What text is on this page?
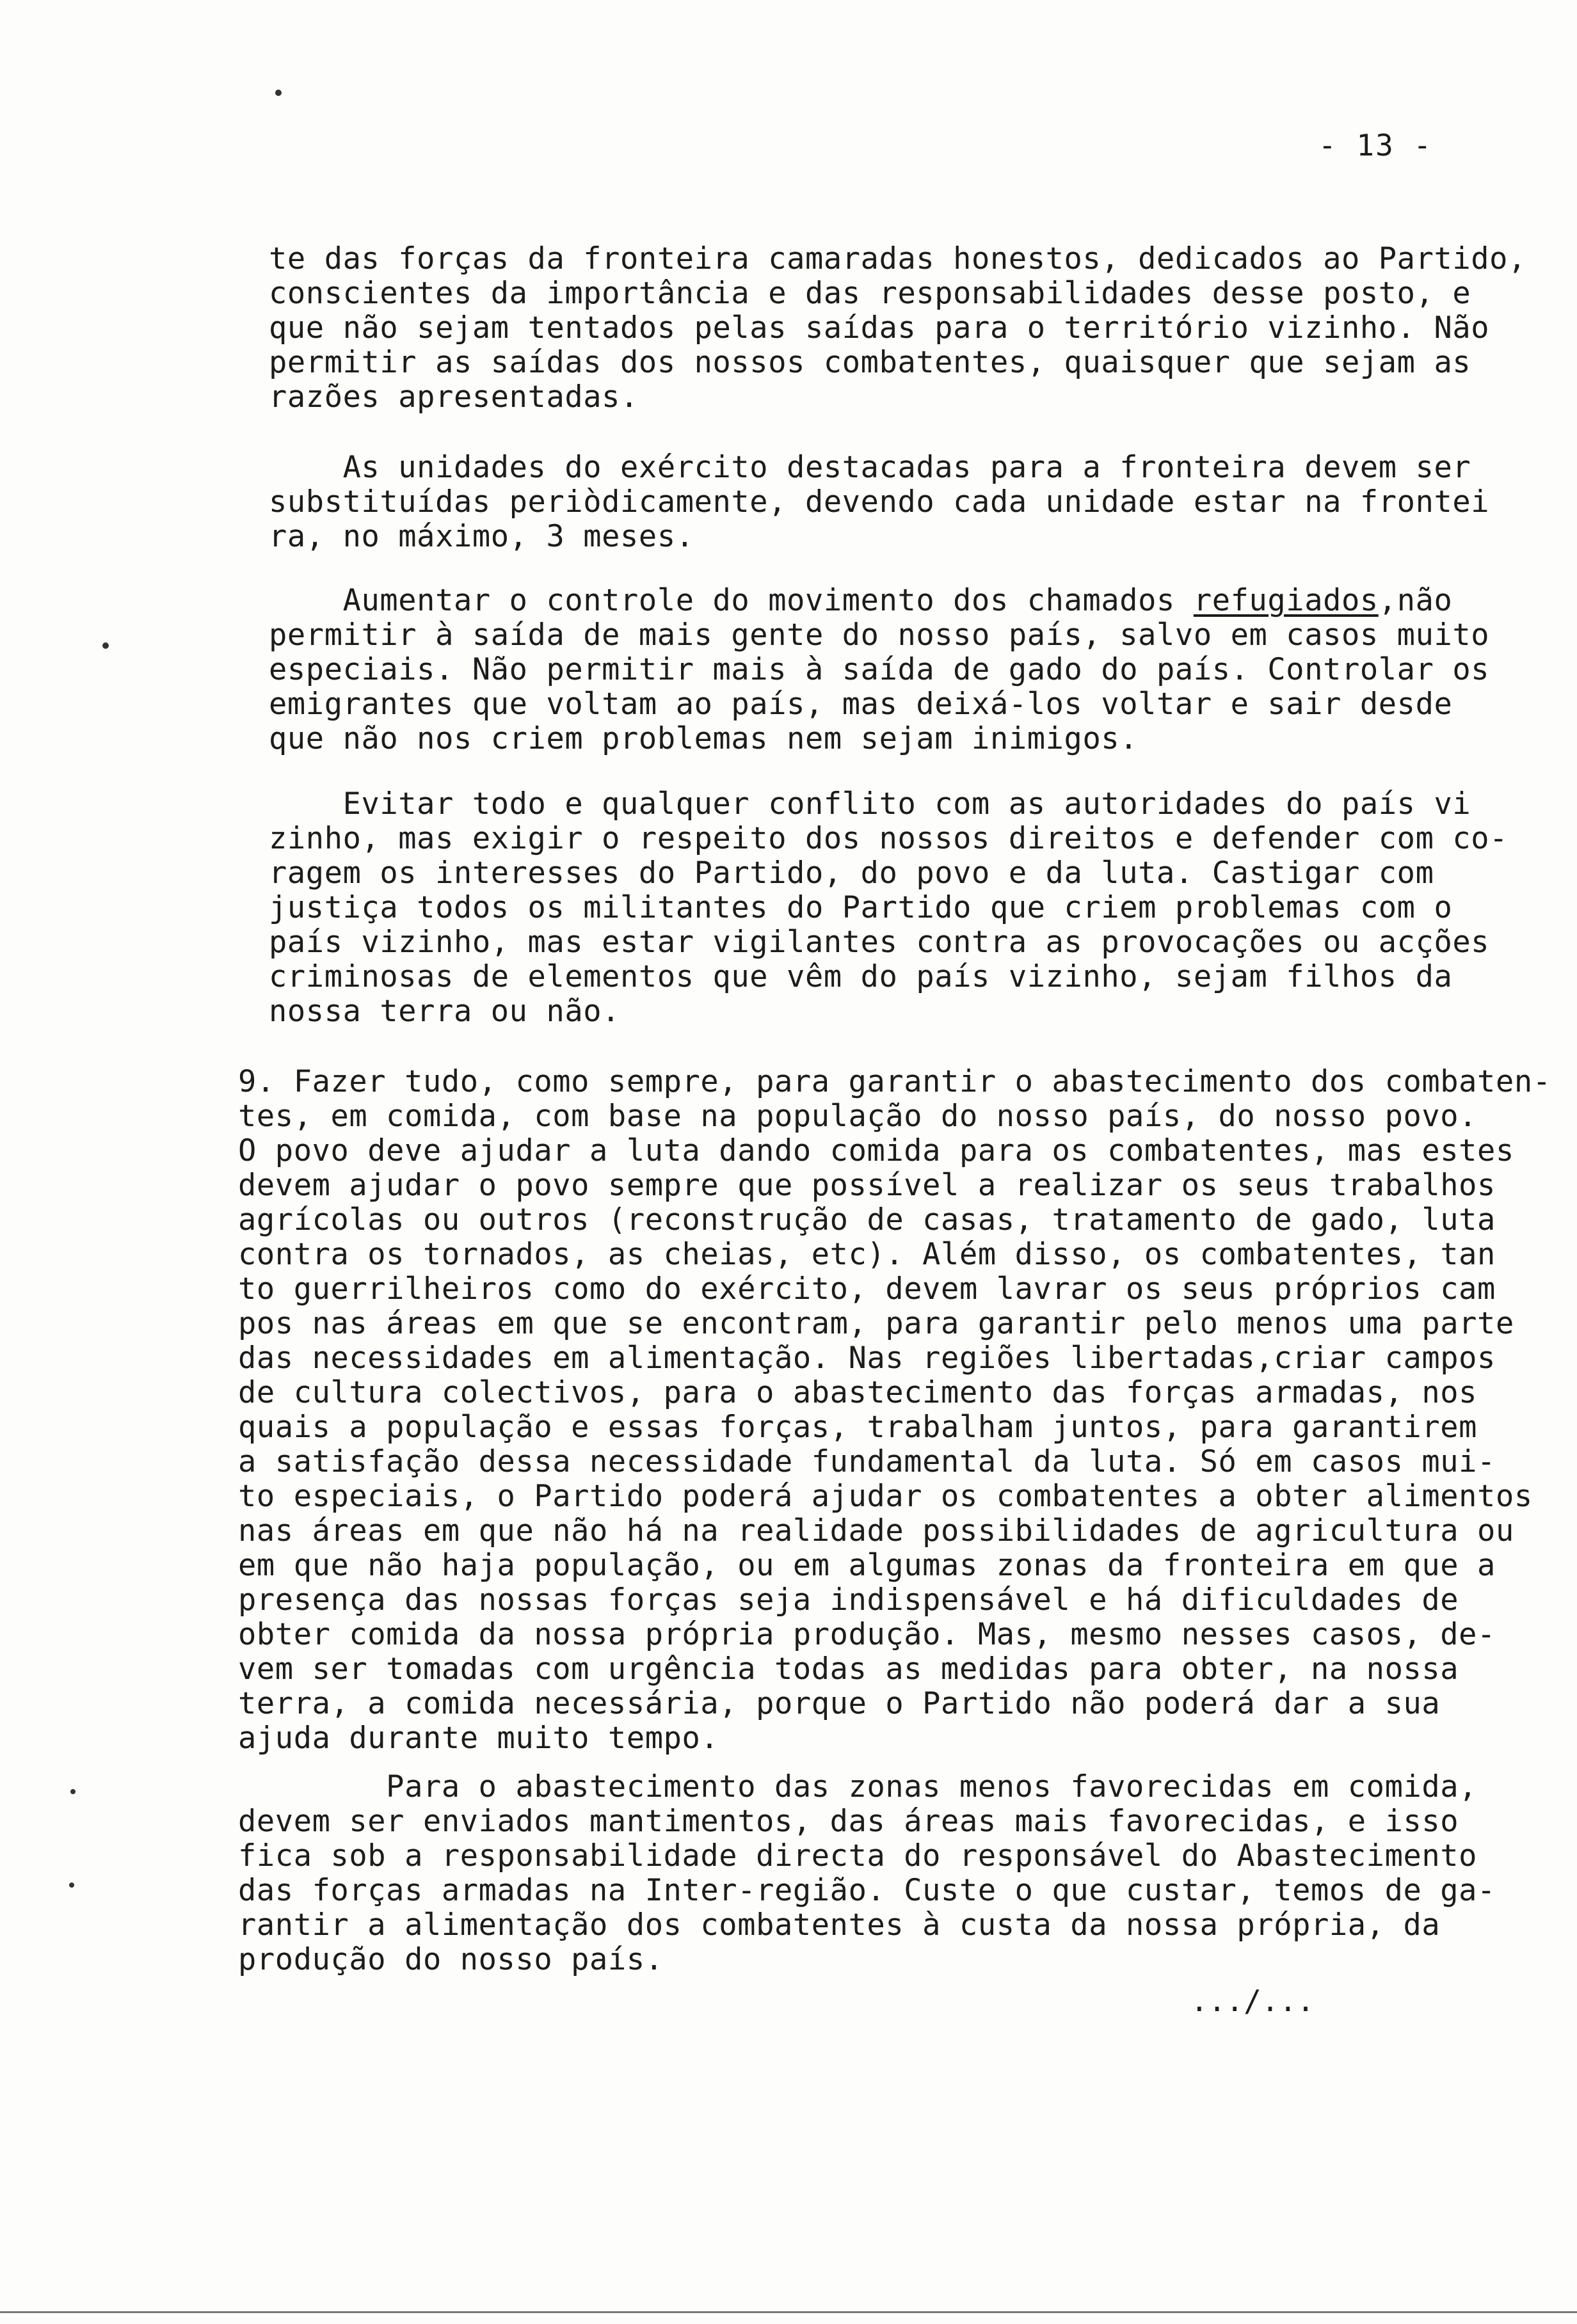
- 13 -
te das forças da fronteira camaradas honestos, dedicados ao Partido,
conscientes da importância e das responsabilidades desse posto, e
que não sejam tentados pelas saídas para o território vizinho. Não
permitir as saídas dos nossos combatentes, quaisquer que sejam as
razões apresentadas.
As unidades do exército destacadas para a fronteira devem ser
substituídas periòdicamente, devendo cada unidade estar na frontei
ra, no máximo, 3 meses.
Aumentar o controle do movimento dos chamados refugiados,não
permitir à saída de mais gente do nosso país, salvo em casos muito
especiais. Não permitir mais à saída de gado do país. Controlar os
emigrantes que voltam ao país, mas deixá-los voltar e sair desde
que não nos criem problemas nem sejam inimigos.
Evitar todo e qualquer conflito com as autoridades do país vi
zinho, mas exigir o respeito dos nossos direitos e defender com co-
ragem os interesses do Partido, do povo e da luta. Castigar com
justiça todos os militantes do Partido que criem problemas com o
país vizinho, mas estar vigilantes contra as provocações ou acções
criminosas de elementos que vêm do país vizinho, sejam filhos da
nossa terra ou não.
9. Fazer tudo, como sempre, para garantir o abastecimento dos combaten-
tes, em comida, com base na população do nosso país, do nosso povo.
O povo deve ajudar a luta dando comida para os combatentes, mas estes
devem ajudar o povo sempre que possível a realizar os seus trabalhos
agrícolas ou outros (reconstrução de casas, tratamento de gado, luta
contra os tornados, as cheias, etc). Além disso, os combatentes, tan
to guerrilheiros como do exército, devem lavrar os seus próprios cam
pos nas áreas em que se encontram, para garantir pelo menos uma parte
das necessidades em alimentação. Nas regiões libertadas,criar campos
de cultura colectivos, para o abastecimento das forças armadas, nos
quais a população e essas forças, trabalham juntos, para garantirem
a satisfação dessa necessidade fundamental da luta. Só em casos mui-
to especiais, o Partido poderá ajudar os combatentes a obter alimentos
nas áreas em que não há na realidade possibilidades de agricultura ou
em que não haja população, ou em algumas zonas da fronteira em que a
presença das nossas forças seja indispensável e há dificuldades de
obter comida da nossa própria produção. Mas, mesmo nesses casos, de-
vem ser tomadas com urgência todas as medidas para obter, na nossa
terra, a comida necessária, porque o Partido não poderá dar a sua
ajuda durante muito tempo.
Para o abastecimento das zonas menos favorecidas em comida,
devem ser enviados mantimentos, das áreas mais favorecidas, e isso
fica sob a responsabilidade directa do responsável do Abastecimento
das forças armadas na Inter-região. Custe o que custar, temos de ga-
rantir a alimentação dos combatentes à custa da nossa própria, da
produção do nosso país.
.../...
